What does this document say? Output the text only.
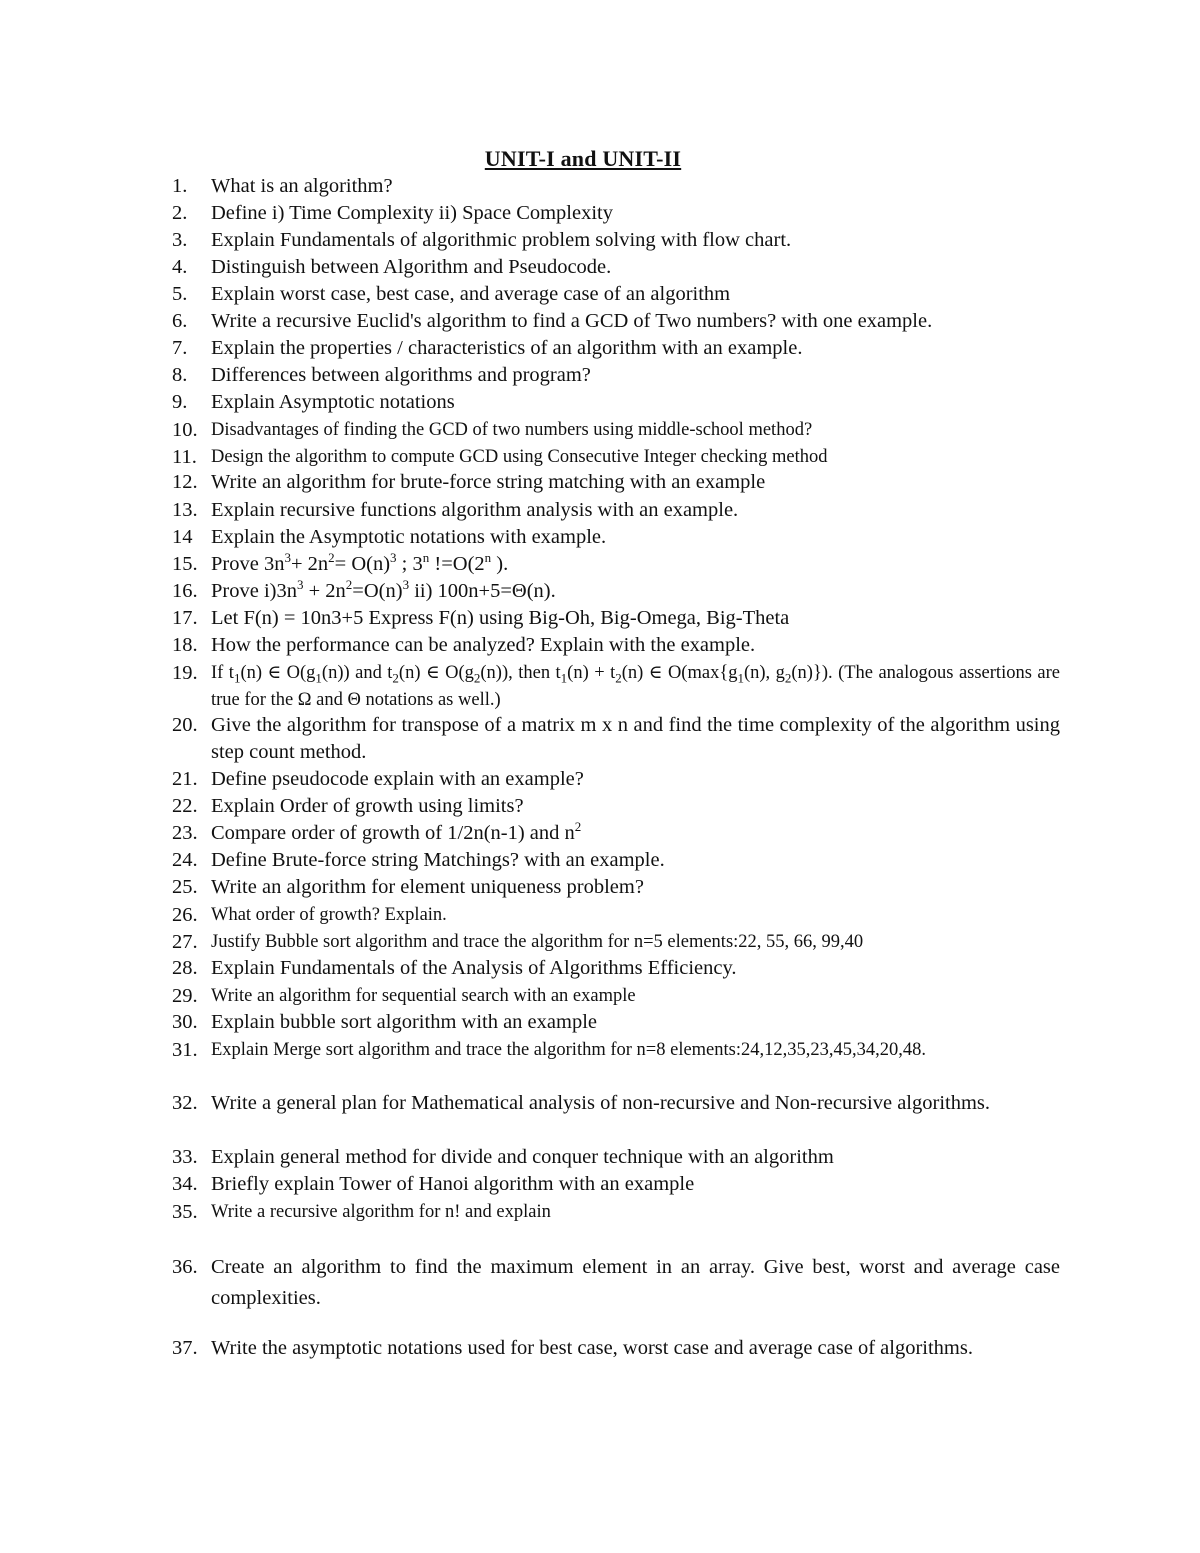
UNIT-I and UNIT-II
1. What is an algorithm?
2. Define i) Time Complexity ii) Space Complexity
3. Explain Fundamentals of algorithmic problem solving with flow chart.
4. Distinguish between Algorithm and Pseudocode.
5. Explain worst case, best case, and average case of an algorithm
6. Write a recursive Euclid's algorithm to find a GCD of Two numbers? with one example.
7. Explain the properties / characteristics of an algorithm with an example.
8. Differences between algorithms and program?
9. Explain Asymptotic notations
10. Disadvantages of finding the GCD of two numbers using middle-school method?
11. Design the algorithm to compute GCD using Consecutive Integer checking method
12. Write an algorithm for brute-force string matching with an example
13. Explain recursive functions algorithm analysis with an example.
14 Explain the Asymptotic notations with example.
15. Prove $3n^3+ 2n^2= O(n)^3$ ; 3$^n$ $!=O(2^n$ ).
16. Prove $i)3n^3 + 2n^2=O(n)^3$ ii) 100n+5=Θ(n).
17. Let F(n) = 10n3+5 Express F(n) using Big-Oh, Big-Omega, Big-Theta
18. How the performance can be analyzed? Explain with the example.
19. If $t_1(n)$ ∈ $O(g_1(n))$ and $t_2(n)$ ∈ $O(g_2(n))$, then $t_1(n) + t_2(n)$ ∈ $O(\max\{g_1(n)$, $g_2(n)$}). (The analogous assertions are true for the Ω and Θ notations as well.)
20. Give the algorithm for transpose of a matrix m x n and find the time complexity of the algorithm using step count method.
21. Define pseudocode explain with an example?
22. Explain Order of growth using limits?
23. Compare order of growth of 1/2n(n-1) and $n^2$
24. Define Brute-force string Matchings? with an example.
25. Write an algorithm for element uniqueness problem?
26. What order of growth? Explain.
27. Justify Bubble sort algorithm and trace the algorithm for n=5 elements:22, 55, 66, 99,40
28. Explain Fundamentals of the Analysis of Algorithms Efficiency.
29. Write an algorithm for sequential search with an example
30. Explain bubble sort algorithm with an example
31. Explain Merge sort algorithm and trace the algorithm for n=8 elements:24,12,35,23,45,34,20,48.
32. Write a general plan for Mathematical analysis of non-recursive and Non-recursive algorithms.
33. Explain general method for divide and conquer technique with an algorithm
34. Briefly explain Tower of Hanoi algorithm with an example
35. Write a recursive algorithm for n! and explain
36. Create an algorithm to find the maximum element in an array. Give best, worst and average case complexities.
37. Write the asymptotic notations used for best case, worst case and average case of algorithms.
